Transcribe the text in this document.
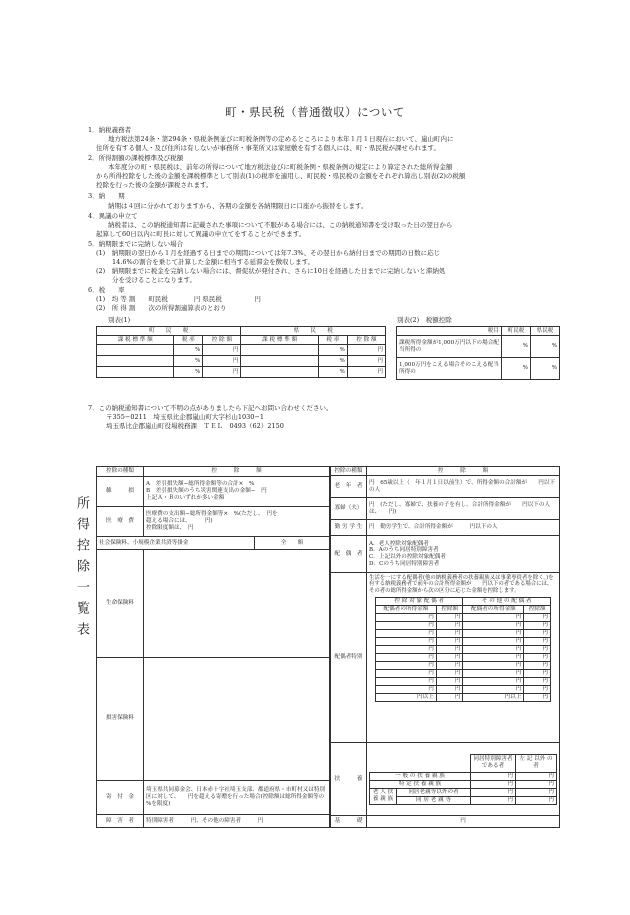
町・県民税（普通徴収）について
1．納税義務者
地方税法第24条・第294条・県税条例並びに町税条例等の定めるところにより本年１月１日現在において、嵐山町内に
住所を有する個人・及び住所は有しないが事務所・事業所又は家屋敷を有する個人には、町・県民税が課せられます。
2．所得割額の課税標準及び税額
本年度分の町・県民税は、前年の所得について地方税法並びに町税条例・県税条例の規定により算定された総所得金額
から所得控除をした後の金額を課税標準として別表(1)の税率を適用し、町民税・県民税の金額をそれぞれ算出し別表(2)の税額
控除を行った後の金額が課税されます。
3．納　　期
納期は４回に分かれておりますから、各期の金額を各納期限日に口座から振替をします。
4．異議の申立て
納税者は、この納税通知書に記載された事項について不服がある場合には、この納税通知書を受け取った日の翌日から
起算して60日以内に町長に対して異議の申立てをすることができます。
5．納期限までに完納しない場合
(1)　納期限の翌日から１月を経過する日までの期間については年7.3%、その翌日から納付日までの期間の日数に応じ
14.6%の割合を乗じて計算した金額に相当する延滞金を徴収します。
(2)　納期限までに税金を完納しない場合には、督促状が発付され、さらに10日を経過した日までに完納しないと滞納処
分を受けることになります。
6．税　　率
(1)　均 等 割　　町民税　　　　円 県民税　　　　　円
(2)　所 得 割　　次の所得割適算表のとおり
別表(1)
町　　民　　税			県　　民　　税		
課 税 標 準 額	税 率	控 除 額	課 税 標 準 額	税 率	控 除 額
	%	円		%	円
	%	円		%	円
	%	円		%	円
別表(2)　税額控除
税目	町民税	県民税
課税所得金額が1,000万円以下の場合配当所得の	%	%
1,000万円をこえる場合そのこえる配当所得の	%	%
7．この納税通知書について不明の点がありましたら下記へお問い合わせください。
〒355−0211　埼玉県比企郡嵐山町大字杉山1030−1
埼玉県比企郡嵐山町役場税務課　ＴＥＬ　0493（62）2150
所得控除一覧表
控除の種類	控　　　除　　　額	
雑　　　損	A　差引損失額−総所得金額等の合計×　%
B　差引損失額のうち災害関連支出の金額−　円
上記Ａ・Ｂのいずれか多い金額	

医　療　費	医療費の支出額−総所得金額等×　%(ただし、　円を
超える場合には、　　　円)
控除限度額は、　円	

社会保険料、小規模企業共済等掛金		全　　額
生命保険料		
損害保険料		
寄　付　金	埼玉県共同募金会、日本赤十字社埼玉支部、都道府県・市町村又は特別区に対して、　　円を超える寄贈を行った場合(控除額は総所得金額等の　　%を限度)	
障　害　者	特別障害者　　　円、その他の障害者　　　円	
控除の種類	控　　　除　　　額
老　年　者	円　65歳以上（　年１月１日以前生）で、所得金額の合計額が　　円以下の人
寡婦（夫）	円　(ただし、寡婦で、扶養の子を有し、合計所得金額が　　円以下の人は、　　円)
勤 労 学 生	円　勤労学生で、合計所得金額が　　　円以下の人
配　偶　者	
A．老人控除対象配偶者
B．Aのうち同居特別障害者
C．上記以外の控除対象配偶者
D．Cのうち同居特別障害者

配偶者特別	
生活を一にする配偶者(他の納税義務者の扶養親族又は事業専従者を除く。)を有する納税義務者で前年の合計所得金額が　　円以下の者である場合には、その者の総所得金額から次の区分に応じた金額を控除します。
控 除 対 象 配 偶 者	そ の 他 の 配 偶 者
配偶者の所得金額	控除額	配偶者の所得金額	控除額
円	円	円	円
円	円	円	円
円	円	円	円
円	円	円	円
円	円	円	円
円	円	円	円
円	円	円	円
円	円	円	円
円	円	円	円
円	円	円	円
円以上	円	円以上	円

扶　　　養	
	同居特別障害者である者	左 記 以外 の 者
一 般 の 扶 養 親 族	円	円
特 定 扶 養 親 族	円	円
老 人 扶養 親 族	同居老親等以外の者	円	円
同 居 老 親 等	円	円

基　　　礎	円
